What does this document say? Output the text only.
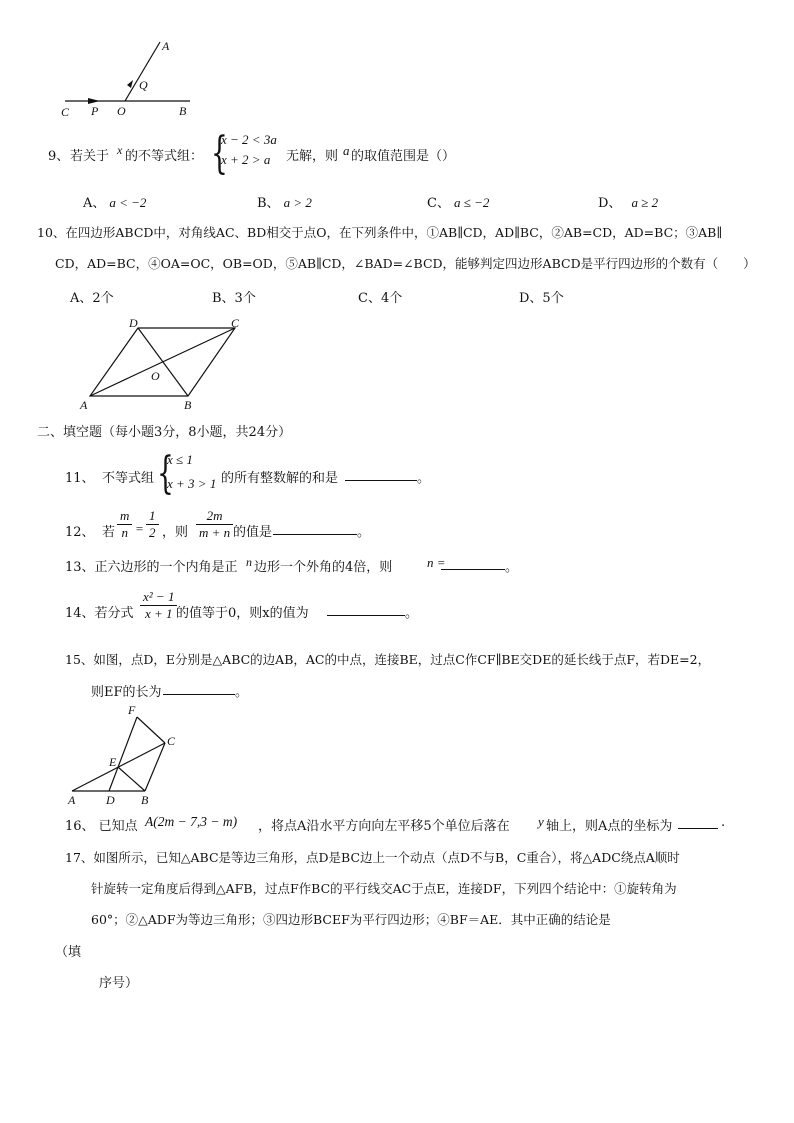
A
Q
C P O	B
9、 若关于 x 的不等式组： {
x − 2 < 3a
x + 2 > a 无解，则 a 的取值范围是（）
A、 a < −2	B、 a > 2	C、 a ≤ −2	D、 a ≥ 2
10、在四边形ABCD中，对角线AC、BD相交于点O，在下列条件中，①AB∥CD，AD∥BC，②AB=CD，AD=BC；③AB∥
CD，AD=BC，④OA=OC，OB=OD，⑤AB∥CD，∠BAD=∠BCD，能够判定四边形ABCD是平行四边形的个数有（　　）
A、2个	B、3个	C、4个	D、5个
D	C
O
A	B
二、填空题（每小题3分，8小题，共24分）
11、 不等式组 {
x ≤ 1
x + 3 > 1 的所有整数解的和是	。
12、 若 $\frac{m}{n} = \frac{1}{2}$ ，则 $\frac{2m}{m + n}$ 的值是	。
13、正六边形的一个内角是正 n 边形一个外角的4倍，则	n =	。
14、若分式 $\frac{\text{x² − 1}}{x + 1}$
的值等于0，则x的值为	。
15、如图，点D，E分别是△ABC的边AB，AC的中点，连接BE，过点C作CF∥BE交DE的延长线于点F，若DE=2，
则EF的长为	。
F
C
E
A	D B
16、 已知点 A(2m − 7,3 − m) ，将点A沿水平方向向左平移5个单位后落在 y 轴上，则A点的坐标为	.
17、如图所示，已知△ABC是等边三角形，点D是BC边上一个动点（点D不与B，C重合），将△ADC绕点A顺时
针旋转一定角度后得到△AFB，过点F作BC的平行线交AC于点E，连接DF，下列四个结论中：①旋转角为
60°；②△ADF为等边三角形；③四边形BCEF为平行四边形；④BF＝AE．其中正确的结论是
（填
序号）
